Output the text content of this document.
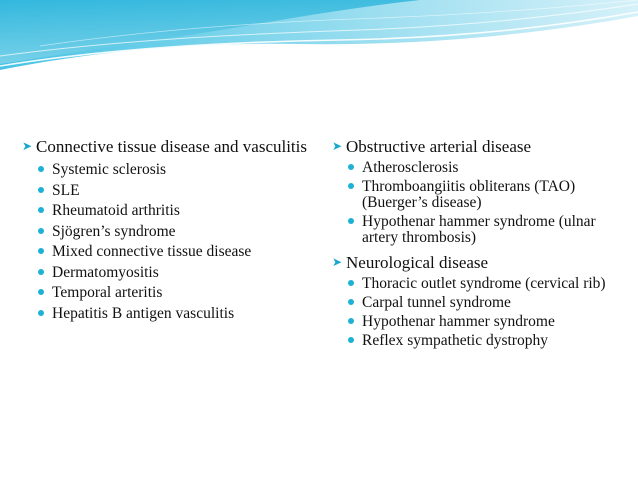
➤ Connective tissue disease and vasculitis
Systemic sclerosis
SLE
Rheumatoid arthritis
Sjögren’s syndrome
Mixed connective tissue disease
Dermatomyositis
Temporal arteritis
Hepatitis B antigen vasculitis
➤ Obstructive arterial disease
Atherosclerosis
Thromboangiitis obliterans (TAO)(Buerger’s disease)
Hypothenar hammer syndrome (ulnar artery thrombosis)
➤ Neurological disease
Thoracic outlet syndrome (cervical rib)
Carpal tunnel syndrome
Hypothenar hammer syndrome
Reflex sympathetic dystrophy
